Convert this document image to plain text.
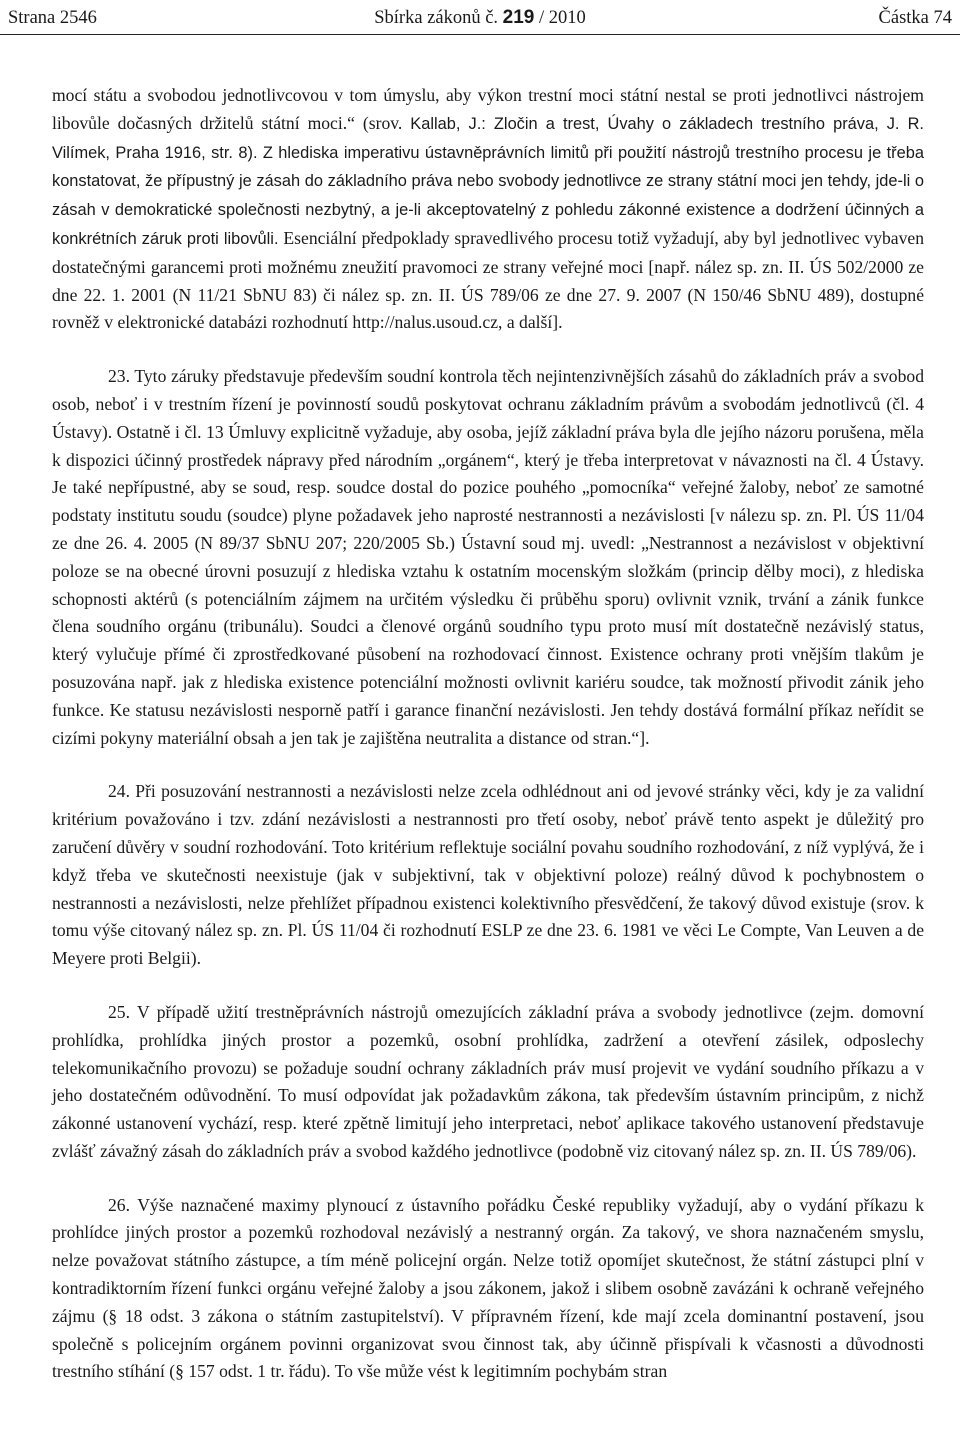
Strana 2546	Sbírka zákonů č. 219 / 2010	Částka 74

mocí státu a svobodou jednotlivcovou v tom úmyslu, aby výkon trestní moci státní nestal se proti jednotlivci nástrojem libovůle dočasných držitelů státní moci.“ (srov. Kallab, J.: Zločin a trest, Úvahy o základech trestního práva, J. R. Vilímek, Praha 1916, str. 8). Z hlediska imperativu ústavněprávních limitů při použití nástrojů trestního procesu je třeba konstatovat, že přípustný je zásah do základního práva nebo svobody jednotlivce ze strany státní moci jen tehdy, jde-li o zásah v demokratické společnosti nezbytný, a je-li akceptovatelný z pohledu zákonné existence a dodržení účinných a konkrétních záruk proti libovůli. Esenciální předpoklady spravedlivého procesu totiž vyžadují, aby byl jednotlivec vybaven dostatečnými garancemi proti možnému zneužití pravomoci ze strany veřejné moci [např. nález sp. zn. II. ÚS 502/2000 ze dne 22. 1. 2001 (N 11/21 SbNU 83) či nález sp. zn. II. ÚS 789/06 ze dne 27. 9. 2007 (N 150/46 SbNU 489), dostupné rovněž v elektronické databázi rozhodnutí http://nalus.usoud.cz, a další].

23. Tyto záruky představuje především soudní kontrola těch nejintenzivnějších zásahů do základních práv a svobod osob, neboť i v trestním řízení je povinností soudů poskytovat ochranu základním právům a svobodám jednotlivců (čl. 4 Ústavy). Ostatně i čl. 13 Úmluvy explicitně vyžaduje, aby osoba, jejíž základní práva byla dle jejího názoru porušena, měla k dispozici účinný prostředek nápravy před národním „orgánem“, který je třeba interpretovat v návaznosti na čl. 4 Ústavy. Je také nepřípustné, aby se soud, resp. soudce dostal do pozice pouhého „pomocníka“ veřejné žaloby, neboť ze samotné podstaty institutu soudu (soudce) plyne požadavek jeho naprosté nestrannosti a nezávislosti [v nálezu sp. zn. Pl. ÚS 11/04 ze dne 26. 4. 2005 (N 89/37 SbNU 207; 220/2005 Sb.) Ústavní soud mj. uvedl: „Nestrannost a nezávislost v objektivní poloze se na obecné úrovni posuzují z hlediska vztahu k ostatním mocenským složkám (princip dělby moci), z hlediska schopnosti aktérů (s potenciálním zájmem na určitém výsledku či průběhu sporu) ovlivnit vznik, trvání a zánik funkce člena soudního orgánu (tribunálu). Soudci a členové orgánů soudního typu proto musí mít dostatečně nezávislý status, který vylučuje přímé či zprostředkované působení na rozhodovací činnost. Existence ochrany proti vnějším tlakům je posuzována např. jak z hlediska existence potenciální možnosti ovlivnit kariéru soudce, tak možností přivodit zánik jeho funkce. Ke statusu nezávislosti nesporně patří i garance finanční nezávislosti. Jen tehdy dostává formální příkaz neřídit se cizími pokyny materiální obsah a jen tak je zajištěna neutralita a distance od stran.“].

24. Při posuzování nestrannosti a nezávislosti nelze zcela odhlédnout ani od jevové stránky věci, kdy je za validní kritérium považováno i tzv. zdání nezávislosti a nestrannosti pro třetí osoby, neboť právě tento aspekt je důležitý pro zaručení důvěry v soudní rozhodování. Toto kritérium reflektuje sociální povahu soudního rozhodování, z níž vyplývá, že i když třeba ve skutečnosti neexistuje (jak v subjektivní, tak v objektivní poloze) reálný důvod k pochybnostem o nestrannosti a nezávislosti, nelze přehlížet případnou existenci kolektivního přesvědčení, že takový důvod existuje (srov. k tomu výše citovaný nález sp. zn. Pl. ÚS 11/04 či rozhodnutí ESLP ze dne 23. 6. 1981 ve věci Le Compte, Van Leuven a de Meyere proti Belgii).

25. V případě užití trestněprávních nástrojů omezujících základní práva a svobody jednotlivce (zejm. domovní prohlídka, prohlídka jiných prostor a pozemků, osobní prohlídka, zadržení a otevření zásilek, odposlechy telekomunikačního provozu) se požaduje soudní ochrany základních práv musí projevit ve vydání soudního příkazu a v jeho dostatečném odůvodnění. To musí odpovídat jak požadavkům zákona, tak především ústavním principům, z nichž zákonné ustanovení vychází, resp. které zpětně limitují jeho interpretaci, neboť aplikace takového ustanovení představuje zvlášť závažný zásah do základních práv a svobod každého jednotlivce (podobně viz citovaný nález sp. zn. II. ÚS 789/06).

26. Výše naznačené maximy plynoucí z ústavního pořádku České republiky vyžadují, aby o vydání příkazu k prohlídce jiných prostor a pozemků rozhodoval nezávislý a nestranný orgán. Za takový, ve shora naznačeném smyslu, nelze považovat státního zástupce, a tím méně policejní orgán. Nelze totiž opomíjet skutečnost, že státní zástupci plní v kontradiktorním řízení funkci orgánu veřejné žaloby a jsou zákonem, jakož i slibem osobně zavázáni k ochraně veřejného zájmu (§ 18 odst. 3 zákona o státním zastupitelství). V přípravném řízení, kde mají zcela dominantní postavení, jsou společně s policejním orgánem povinni organizovat svou činnost tak, aby účinně přispívali k včasnosti a důvodnosti trestního stíhání (§ 157 odst. 1 tr. řádu). To vše může vést k legitimním pochybám stran
